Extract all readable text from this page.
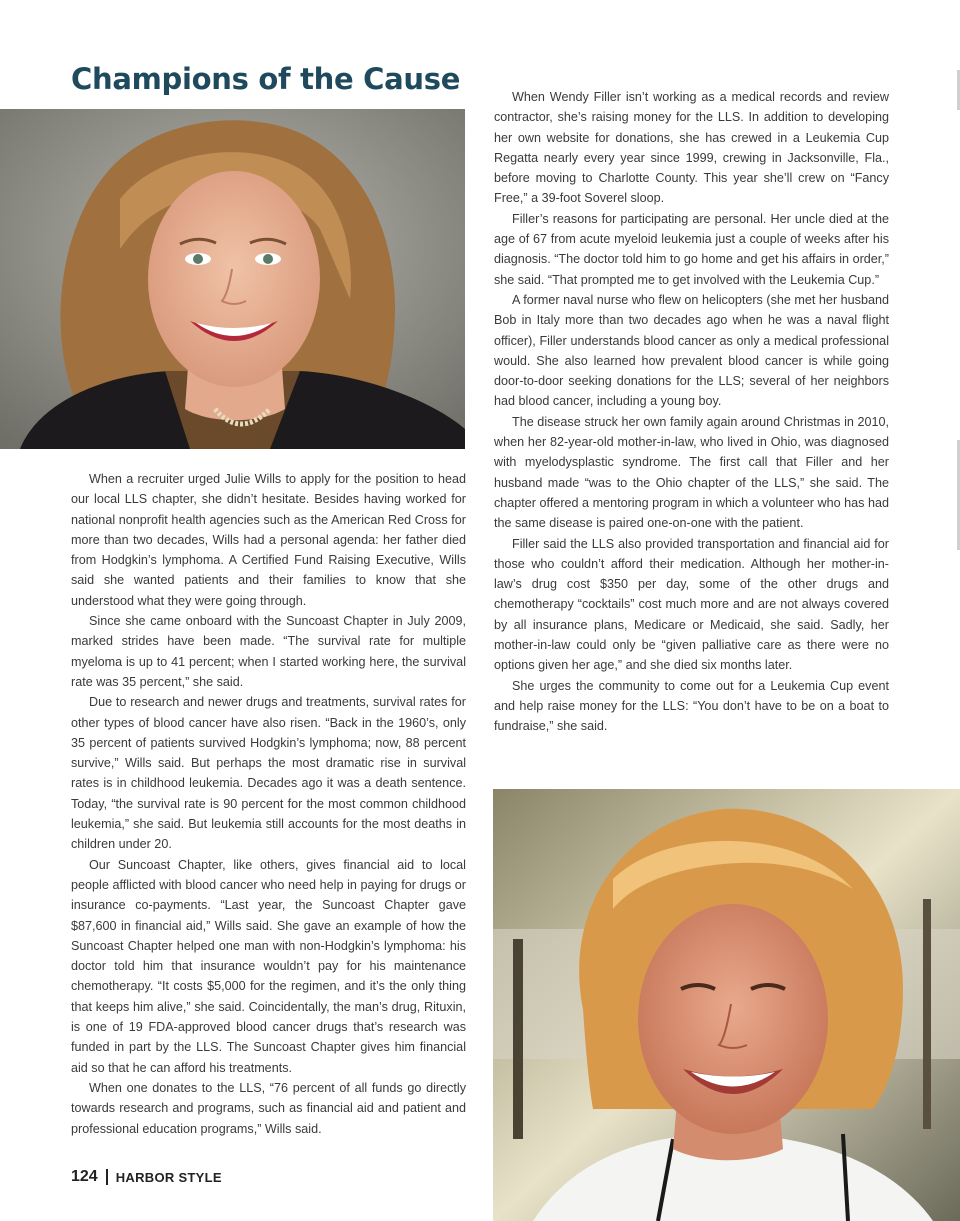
Champions of the Cause

When a recruiter urged Julie Wills to apply for the position to head our local LLS chapter, she didn’t hesitate. Besides having worked for national nonprofit health agencies such as the American Red Cross for more than two decades, Wills had a personal agenda: her father died from Hodgkin’s lymphoma. A Certified Fund Raising Executive, Wills said she wanted patients and their families to know that she understood what they were going through.

Since she came onboard with the Suncoast Chapter in July 2009, marked strides have been made. “The survival rate for multiple myeloma is up to 41 percent; when I started working here, the survival rate was 35 percent,” she said.

Due to research and newer drugs and treatments, survival rates for other types of blood cancer have also risen. “Back in the 1960’s, only 35 percent of patients survived Hodgkin’s lymphoma; now, 88 percent survive,” Wills said. But perhaps the most dramatic rise in survival rates is in childhood leukemia. Decades ago it was a death sentence. Today, “the survival rate is 90 percent for the most common childhood leukemia,” she said. But leukemia still accounts for the most deaths in children under 20.

Our Suncoast Chapter, like others, gives financial aid to local people afflicted with blood cancer who need help in paying for drugs or insurance co-payments. “Last year, the Suncoast Chapter gave $87,600 in financial aid,” Wills said. She gave an example of how the Suncoast Chapter helped one man with non-Hodgkin’s lymphoma: his doctor told him that insurance wouldn’t pay for his maintenance chemotherapy. “It costs $5,000 for the regimen, and it’s the only thing that keeps him alive,” she said. Coincidentally, the man’s drug, Rituxin, is one of 19 FDA-approved blood cancer drugs that’s research was funded in part by the LLS. The Suncoast Chapter gives him financial aid so that he can afford his treatments.

When one donates to the LLS, “76 percent of all funds go directly towards research and programs, such as financial aid and patient and professional education programs,” Wills said.

When Wendy Filler isn’t working as a medical records and review contractor, she’s raising money for the LLS. In addition to developing her own website for donations, she has crewed in a Leukemia Cup Regatta nearly every year since 1999, crewing in Jacksonville, Fla., before moving to Charlotte County. This year she’ll crew on “Fancy Free,” a 39-foot Soverel sloop.

Filler’s reasons for participating are personal. Her uncle died at the age of 67 from acute myeloid leukemia just a couple of weeks after his diagnosis. “The doctor told him to go home and get his affairs in order,” she said. “That prompted me to get involved with the Leukemia Cup.”

A former naval nurse who flew on helicopters (she met her husband Bob in Italy more than two decades ago when he was a naval flight officer), Filler understands blood cancer as only a medical professional would. She also learned how prevalent blood cancer is while going door-to-door seeking donations for the LLS; several of her neighbors had blood cancer, including a young boy.

The disease struck her own family again around Christmas in 2010, when her 82-year-old mother-in-law, who lived in Ohio, was diagnosed with myelodysplastic syndrome. The first call that Filler and her husband made “was to the Ohio chapter of the LLS,” she said. The chapter offered a mentoring program in which a volunteer who has had the same disease is paired one-on-one with the patient.

Filler said the LLS also provided transportation and financial aid for those who couldn’t afford their medication. Although her mother-in-law’s drug cost $350 per day, some of the other drugs and chemotherapy “cocktails” cost much more and are not always covered by all insurance plans, Medicare or Medicaid, she said. Sadly, her mother-in-law could only be “given palliative care as there were no options given her age,” and she died six months later.

She urges the community to come out for a Leukemia Cup event and help raise money for the LLS: “You don’t have to be on a boat to fundraise,” she said.

124 HARBOR STYLE
